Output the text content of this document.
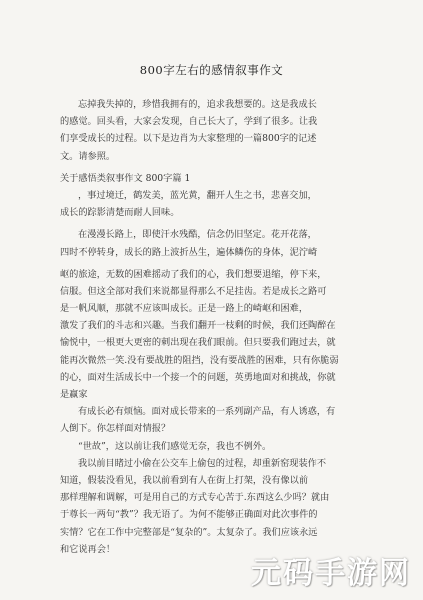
800字左右的感情叙事作文
忘掉我失掉的，珍惜我拥有的，追求我想要的。这是我成长
的感觉。回头看，大家会发现，自己长大了，学到了很多。让我
们享受成长的过程。以下是边肖为大家整理的一篇800字的记述
文。请参照。
关于感悟类叙事作文 800字篇 1
，事过境迁，鹤发美，蓝光黄，翻开人生之书，悲喜交加，
成长的踪影清楚而耐人回味。
在漫漫长路上，即使汗水残酷，信念仍旧坚定。花开花落，
四时不停转身，成长的路上波折丛生，遍体鳞伤的身体，泥泞崎
岖的旅途，无数的困难摇动了我们的心，我们想要退缩，停下来，
信服。但这全部对我们来说都显得那么不足挂齿。若是成长之路可
是一帆风顺，那就不应该叫成长。正是一路上的崎岖和困难，
激发了我们的斗志和兴趣。当我们翻开一枝剩的时候，我们还陶醉在
愉悦中，一根更大更密的刺出现在我们眼前。但只要我们跑过去，就
能再次微然一笑.没有要战胜的阻挡，没有要战胜的困难，只有你脆弱
的心，面对生活成长中一个接一个的问题，英勇地面对和挑战，你就
是赢家
有成长必有烦恼。面对成长带来的一系列副产品，有人诱惑，有
人倒下。你怎样面对情报？
“世故”，这以前让我们感觉无奈，我也不例外。
我以前目睹过小偷在公交车上偷包的过程，却重新窑现装作不
知道，假装没看见，我以前看到有人在街上打架，没有像以前
那样理解和调解，可是用自己的方式专心苦于.东西这么少吗？就由
于尊长一两句“教”？我无语了。为何不能够正确面对此次事件的
实情？它在工作中完整部是“复杂的”。太复杂了。我们应该永远
和它说再会！
元码手游网
